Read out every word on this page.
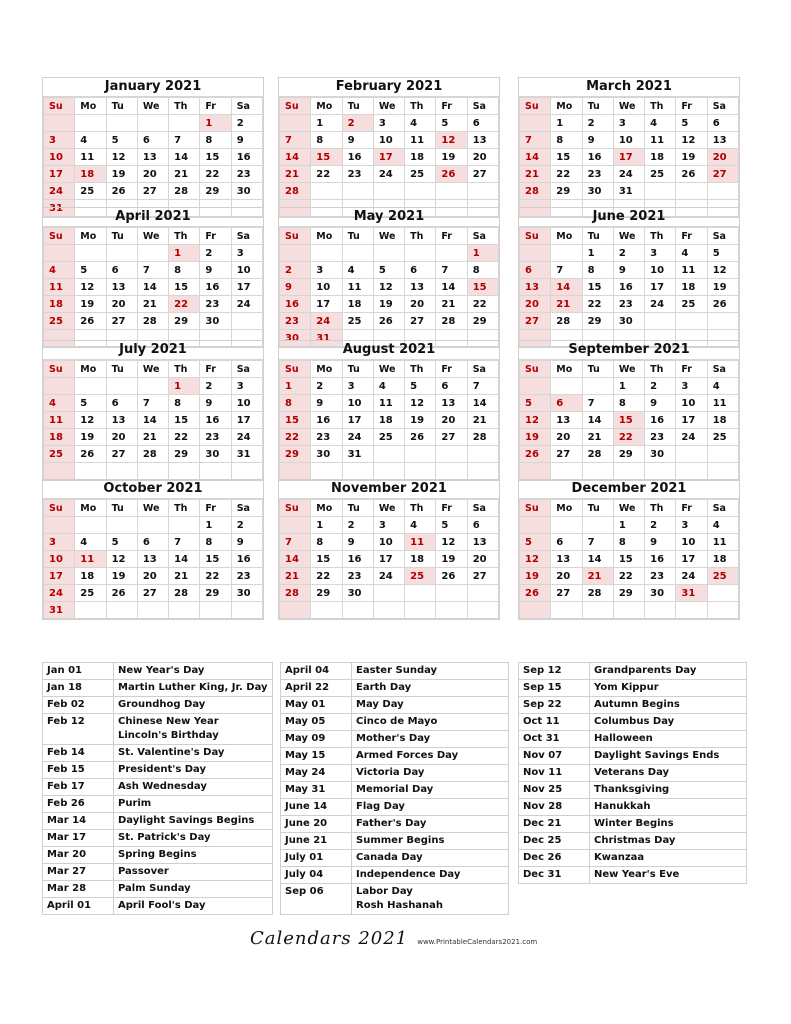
January 2021
Su	Mo	Tu	We	Th	Fr	Sa
					1	2
3	4	5	6	7	8	9
10	11	12	13	14	15	16
17	18	19	20	21	22	23
24	25	26	27	28	29	30
31						
February 2021
Su	Mo	Tu	We	Th	Fr	Sa
	1	2	3	4	5	6
7	8	9	10	11	12	13
14	15	16	17	18	19	20
21	22	23	24	25	26	27
28						

March 2021
Su	Mo	Tu	We	Th	Fr	Sa
	1	2	3	4	5	6
7	8	9	10	11	12	13
14	15	16	17	18	19	20
21	22	23	24	25	26	27
28	29	30	31			

April 2021
Su	Mo	Tu	We	Th	Fr	Sa
				1	2	3
4	5	6	7	8	9	10
11	12	13	14	15	16	17
18	19	20	21	22	23	24
25	26	27	28	29	30	

May 2021
Su	Mo	Tu	We	Th	Fr	Sa
						1
2	3	4	5	6	7	8
9	10	11	12	13	14	15
16	17	18	19	20	21	22
23	24	25	26	27	28	29
30	31					
June 2021
Su	Mo	Tu	We	Th	Fr	Sa
		1	2	3	4	5
6	7	8	9	10	11	12
13	14	15	16	17	18	19
20	21	22	23	24	25	26
27	28	29	30			

July 2021
Su	Mo	Tu	We	Th	Fr	Sa
				1	2	3
4	5	6	7	8	9	10
11	12	13	14	15	16	17
18	19	20	21	22	23	24
25	26	27	28	29	30	31

August 2021
Su	Mo	Tu	We	Th	Fr	Sa
1	2	3	4	5	6	7
8	9	10	11	12	13	14
15	16	17	18	19	20	21
22	23	24	25	26	27	28
29	30	31				

September 2021
Su	Mo	Tu	We	Th	Fr	Sa
			1	2	3	4
5	6	7	8	9	10	11
12	13	14	15	16	17	18
19	20	21	22	23	24	25
26	27	28	29	30		

October 2021
Su	Mo	Tu	We	Th	Fr	Sa
					1	2
3	4	5	6	7	8	9
10	11	12	13	14	15	16
17	18	19	20	21	22	23
24	25	26	27	28	29	30
31						
November 2021
Su	Mo	Tu	We	Th	Fr	Sa
	1	2	3	4	5	6
7	8	9	10	11	12	13
14	15	16	17	18	19	20
21	22	23	24	25	26	27
28	29	30				

December 2021
Su	Mo	Tu	We	Th	Fr	Sa
			1	2	3	4
5	6	7	8	9	10	11
12	13	14	15	16	17	18
19	20	21	22	23	24	25
26	27	28	29	30	31	

Jan 01	New Year's Day

Jan 18	Martin Luther King, Jr. Day

Feb 02	Groundhog Day

Feb 12	Chinese New Year
Lincoln's Birthday

Feb 14	St. Valentine's Day

Feb 15	President's Day

Feb 17	Ash Wednesday

Feb 26	Purim

Mar 14	Daylight Savings Begins

Mar 17	St. Patrick's Day

Mar 20	Spring Begins

Mar 27	Passover

Mar 28	Palm Sunday

April 01	April Fool's Day
April 04	Easter Sunday

April 22	Earth Day

May 01	May Day

May 05	Cinco de Mayo

May 09	Mother's Day

May 15	Armed Forces Day

May 24	Victoria Day

May 31	Memorial Day

June 14	Flag Day

June 20	Father's Day

June 21	Summer Begins

July 01	Canada Day

July 04	Independence Day

Sep 06	Labor Day
Rosh Hashanah
Sep 12	Grandparents Day

Sep 15	Yom Kippur

Sep 22	Autumn Begins

Oct 11	Columbus Day

Oct 31	Halloween

Nov 07	Daylight Savings Ends

Nov 11	Veterans Day

Nov 25	Thanksgiving

Nov 28	Hanukkah

Dec 21	Winter Begins

Dec 25	Christmas Day

Dec 26	Kwanzaa

Dec 31	New Year's Eve
Calendars 2021 www.PrintableCalendars2021.com
